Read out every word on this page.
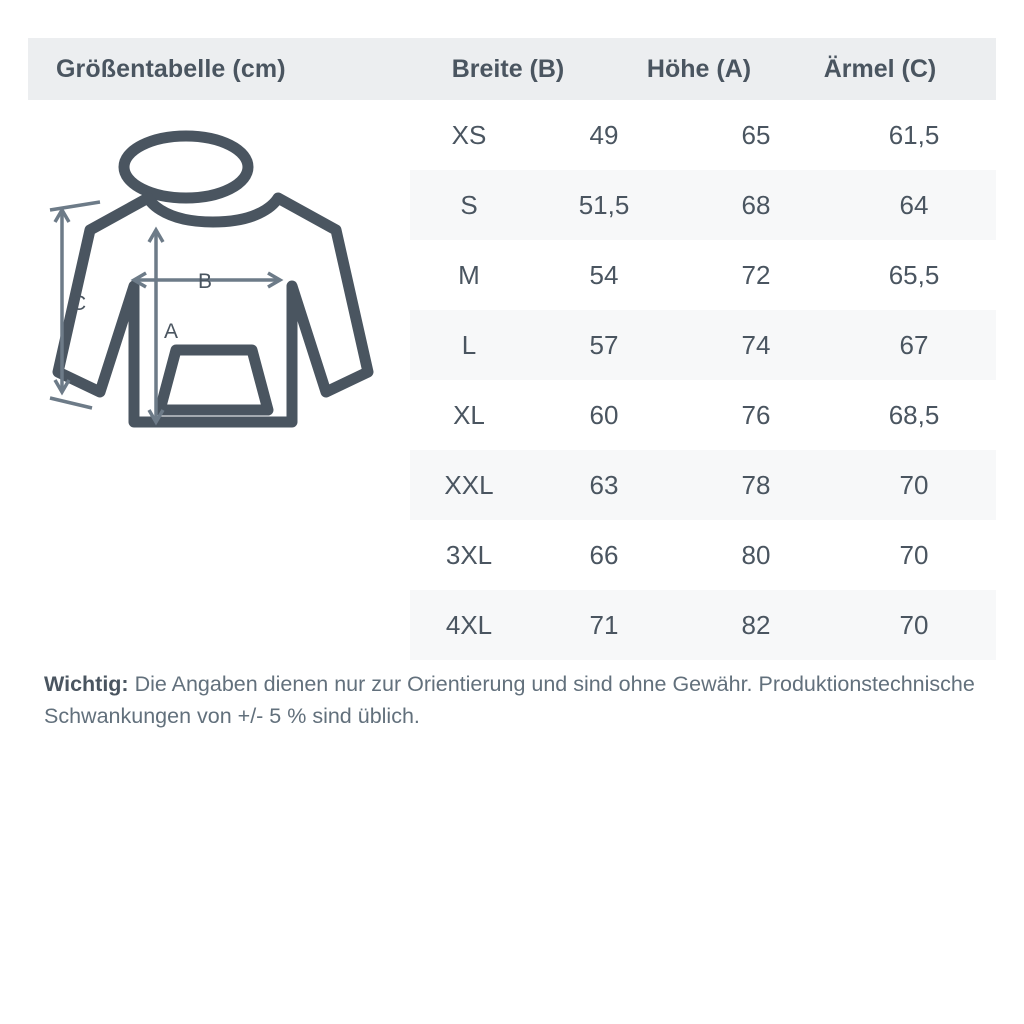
Größentabelle (cm)	Breite (B)	Höhe (A)	Ärmel (C)
B
A
C
XS	49	65	61,5
S	51,5	68	64
M	54	72	65,5
L	57	74	67
XL	60	76	68,5
XXL	63	78	70
3XL	66	80	70
4XL	71	82	70
Wichtig: Die Angaben dienen nur zur Orientierung und sind ohne Gewähr. Produktionstechnische Schwankungen von +/- 5 % sind üblich.
